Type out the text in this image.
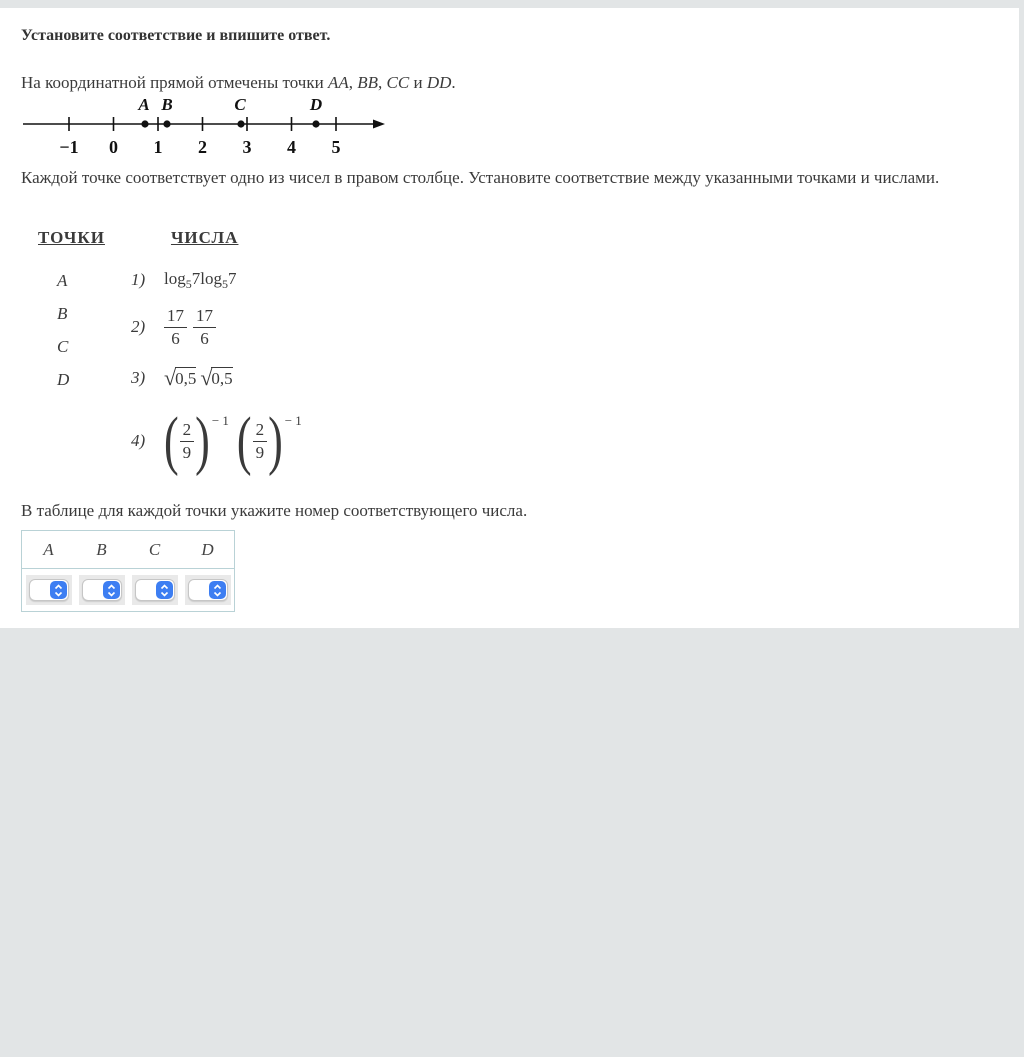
Установите соответствие и впишите ответ.

На координатной прямой отмечены точки AA, BB, CC и DD.

−1 0 1 2 3 4 5
A B	C	D

Каждой точке соответствует одно из чисел в правом столбце. Установите соответствие между указанными точками и числами.

ТОЧКИ	ЧИСЛА
A
B
C
D
1)	$\log_57\log_57$
2)	$\frac{17}{6} \frac{17}{6}$
3) √ 0,5 √ 0,5
4) ( $\frac{2}{9}$ ) − 1 ( $\frac{2}{9}$ ) − 1

В таблице для каждой точки укажите номер соответствующего числа.

A	B	C	D
